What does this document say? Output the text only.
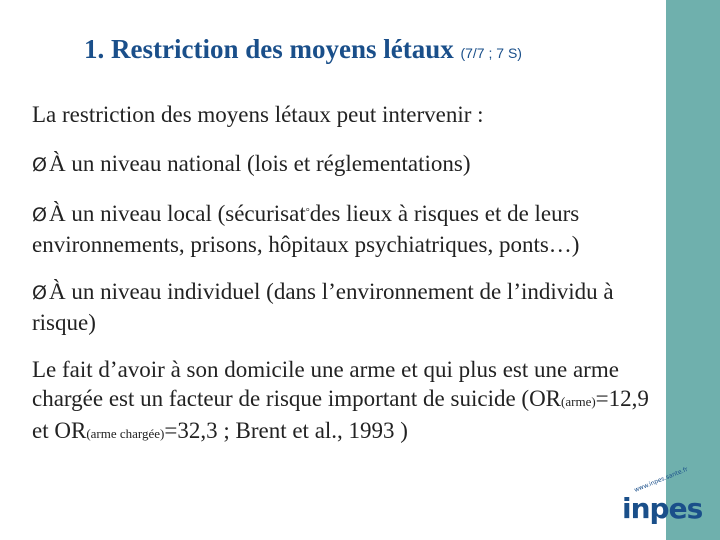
1. Restriction des moyens létaux (7/7 ; 7 S)

La restriction des moyens létaux peut intervenir :

ØÀ un niveau national (lois et réglementations)

ØÀ un niveau local (sécurisat°des lieux à risques et de leurs environnements, prisons, hôpitaux psychiatriques, ponts…)

ØÀ un niveau individuel (dans l’environnement de l’individu à risque)

Le fait d’avoir à son domicile une arme et qui plus est une arme chargée est un facteur de risque important de suicide (OR(arme)=12,9 et OR(arme chargée)=32,3 ; Brent et al., 1993 )

www.inpes.sante.fr
inpes
